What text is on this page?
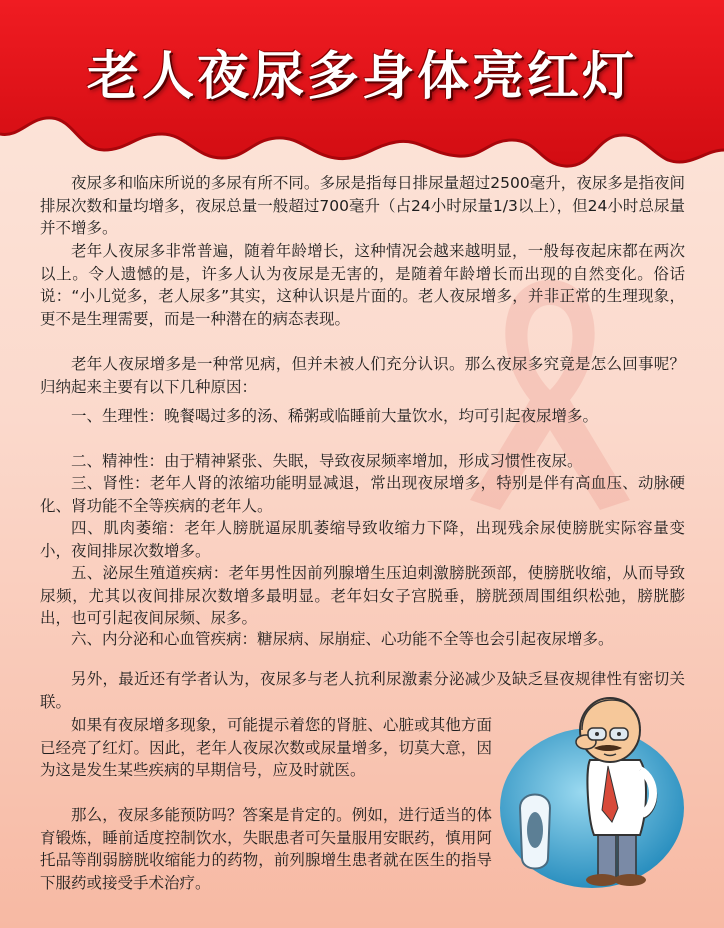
老人夜尿多身体亮红灯

夜尿多和临床所说的多尿有所不同。多尿是指每日排尿量超过2500毫升，夜尿多是指夜间排尿次数和量均增多，夜尿总量一般超过700毫升（占24小时尿量1/3以上），但24小时总尿量并不增多。

老年人夜尿多非常普遍，随着年龄增长，这种情况会越来越明显，一般每夜起床都在两次以上。令人遗憾的是，许多人认为夜尿是无害的，是随着年龄增长而出现的自然变化。俗话说：“小儿觉多，老人尿多”其实，这种认识是片面的。老人夜尿增多，并非正常的生理现象，更不是生理需要，而是一种潜在的病态表现。

老年人夜尿增多是一种常见病，但并未被人们充分认识。那么夜尿多究竟是怎么回事呢？归纳起来主要有以下几种原因：

一、生理性：晚餐喝过多的汤、稀粥或临睡前大量饮水，均可引起夜尿增多。

二、精神性：由于精神紧张、失眠，导致夜尿频率增加，形成习惯性夜尿。

三、肾性：老年人肾的浓缩功能明显减退，常出现夜尿增多，特别是伴有高血压、动脉硬化、肾功能不全等疾病的老年人。

四、肌肉萎缩：老年人膀胱逼尿肌萎缩导致收缩力下降，出现残余尿使膀胱实际容量变小，夜间排尿次数增多。

五、泌尿生殖道疾病：老年男性因前列腺增生压迫刺激膀胱颈部，使膀胱收缩，从而导致尿频，尤其以夜间排尿次数增多最明显。老年妇女子宫脱垂，膀胱颈周围组织松弛，膀胱膨出，也可引起夜间尿频、尿多。

六、内分泌和心血管疾病：糖尿病、尿崩症、心功能不全等也会引起夜尿增多。

另外，最近还有学者认为，夜尿多与老人抗利尿激素分泌减少及缺乏昼夜规律性有密切关联。

如果有夜尿增多现象，可能提示着您的肾脏、心脏或其他方面已经亮了红灯。因此，老年人夜尿次数或尿量增多，切莫大意，因为这是发生某些疾病的早期信号，应及时就医。

那么，夜尿多能预防吗？答案是肯定的。例如，进行适当的体育锻炼，睡前适度控制饮水，失眠患者可矢量服用安眠药，慎用阿托品等削弱膀胱收缩能力的药物，前列腺增生患者就在医生的指导下服药或接受手术治疗。
